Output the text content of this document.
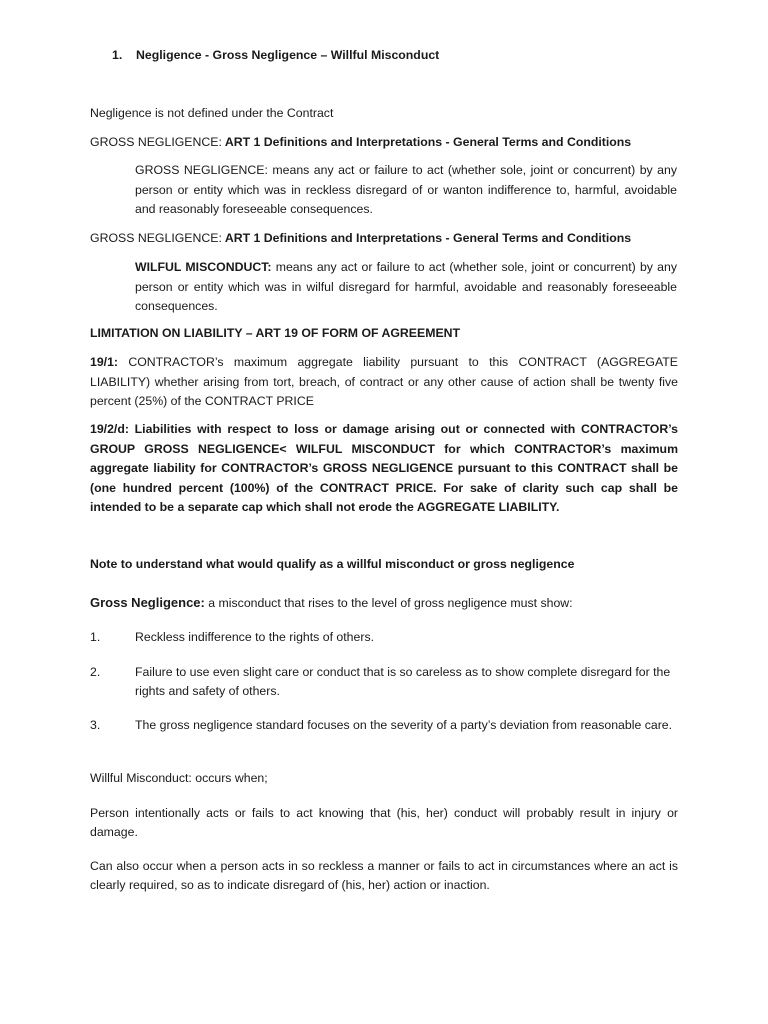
1. Negligence - Gross Negligence – Willful Misconduct
Negligence is not defined under the Contract
GROSS NEGLIGENCE: ART 1 Definitions and Interpretations - General Terms and Conditions
GROSS NEGLIGENCE: means any act or failure to act (whether sole, joint or concurrent) by any person or entity which was in reckless disregard of or wanton indifference to, harmful, avoidable and reasonably foreseeable consequences.
GROSS NEGLIGENCE: ART 1 Definitions and Interpretations - General Terms and Conditions
WILFUL MISCONDUCT: means any act or failure to act (whether sole, joint or concurrent) by any person or entity which was in wilful disregard for harmful, avoidable and reasonably foreseeable consequences.
LIMITATION ON LIABILITY – ART 19 OF FORM OF AGREEMENT
19/1: CONTRACTOR’s maximum aggregate liability pursuant to this CONTRACT (AGGREGATE LIABILITY) whether arising from tort, breach, of contract or any other cause of action shall be twenty five percent (25%) of the CONTRACT PRICE
19/2/d: Liabilities with respect to loss or damage arising out or connected with CONTRACTOR’s GROUP GROSS NEGLIGENCE< WILFUL MISCONDUCT for which CONTRACTOR’s maximum aggregate liability for CONTRACTOR’s GROSS NEGLIGENCE pursuant to this CONTRACT shall be (one hundred percent (100%) of the CONTRACT PRICE. For sake of clarity such cap shall be intended to be a separate cap which shall not erode the AGGREGATE LIABILITY.
Note to understand what would qualify as a willful misconduct or gross negligence
Gross Negligence: a misconduct that rises to the level of gross negligence must show:
1.	Reckless indifference to the rights of others.
2.	Failure to use even slight care or conduct that is so careless as to show complete disregard for the rights and safety of others.
3.	The gross negligence standard focuses on the severity of a party’s deviation from reasonable care.
Willful Misconduct: occurs when;
Person intentionally acts or fails to act knowing that (his, her) conduct will probably result in injury or damage.
Can also occur when a person acts in so reckless a manner or fails to act in circumstances where an act is clearly required, so as to indicate disregard of (his, her) action or inaction.
